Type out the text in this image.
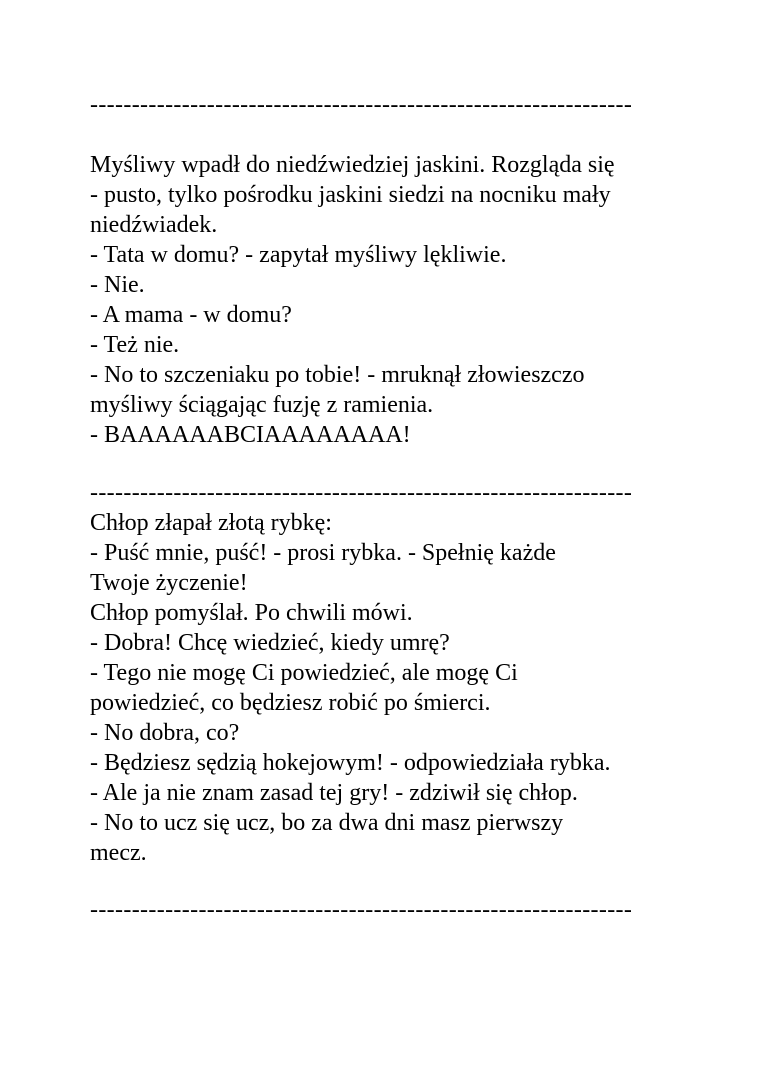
-----------------------------------------------------------------
Myśliwy wpadł do niedźwiedziej jaskini. Rozgląda się
- pusto, tylko pośrodku jaskini siedzi na nocniku mały
niedźwiadek.
- Tata w domu? - zapytał myśliwy lękliwie.
- Nie.
- A mama - w domu?
- Też nie.
- No to szczeniaku po tobie! - mruknął złowieszczo
myśliwy ściągając fuzję z ramienia.
- BAAAAAABCIAAAAAAAA!
-----------------------------------------------------------------
Chłop złapał złotą rybkę:
- Puść mnie, puść! - prosi rybka. - Spełnię każde
Twoje życzenie!
Chłop pomyślał. Po chwili mówi.
- Dobra! Chcę wiedzieć, kiedy umrę?
- Tego nie mogę Ci powiedzieć, ale mogę Ci
powiedzieć, co będziesz robić po śmierci.
- No dobra, co?
- Będziesz sędzią hokejowym! - odpowiedziała rybka.
- Ale ja nie znam zasad tej gry! - zdziwił się chłop.
- No to ucz się ucz, bo za dwa dni masz pierwszy
mecz.
-----------------------------------------------------------------
